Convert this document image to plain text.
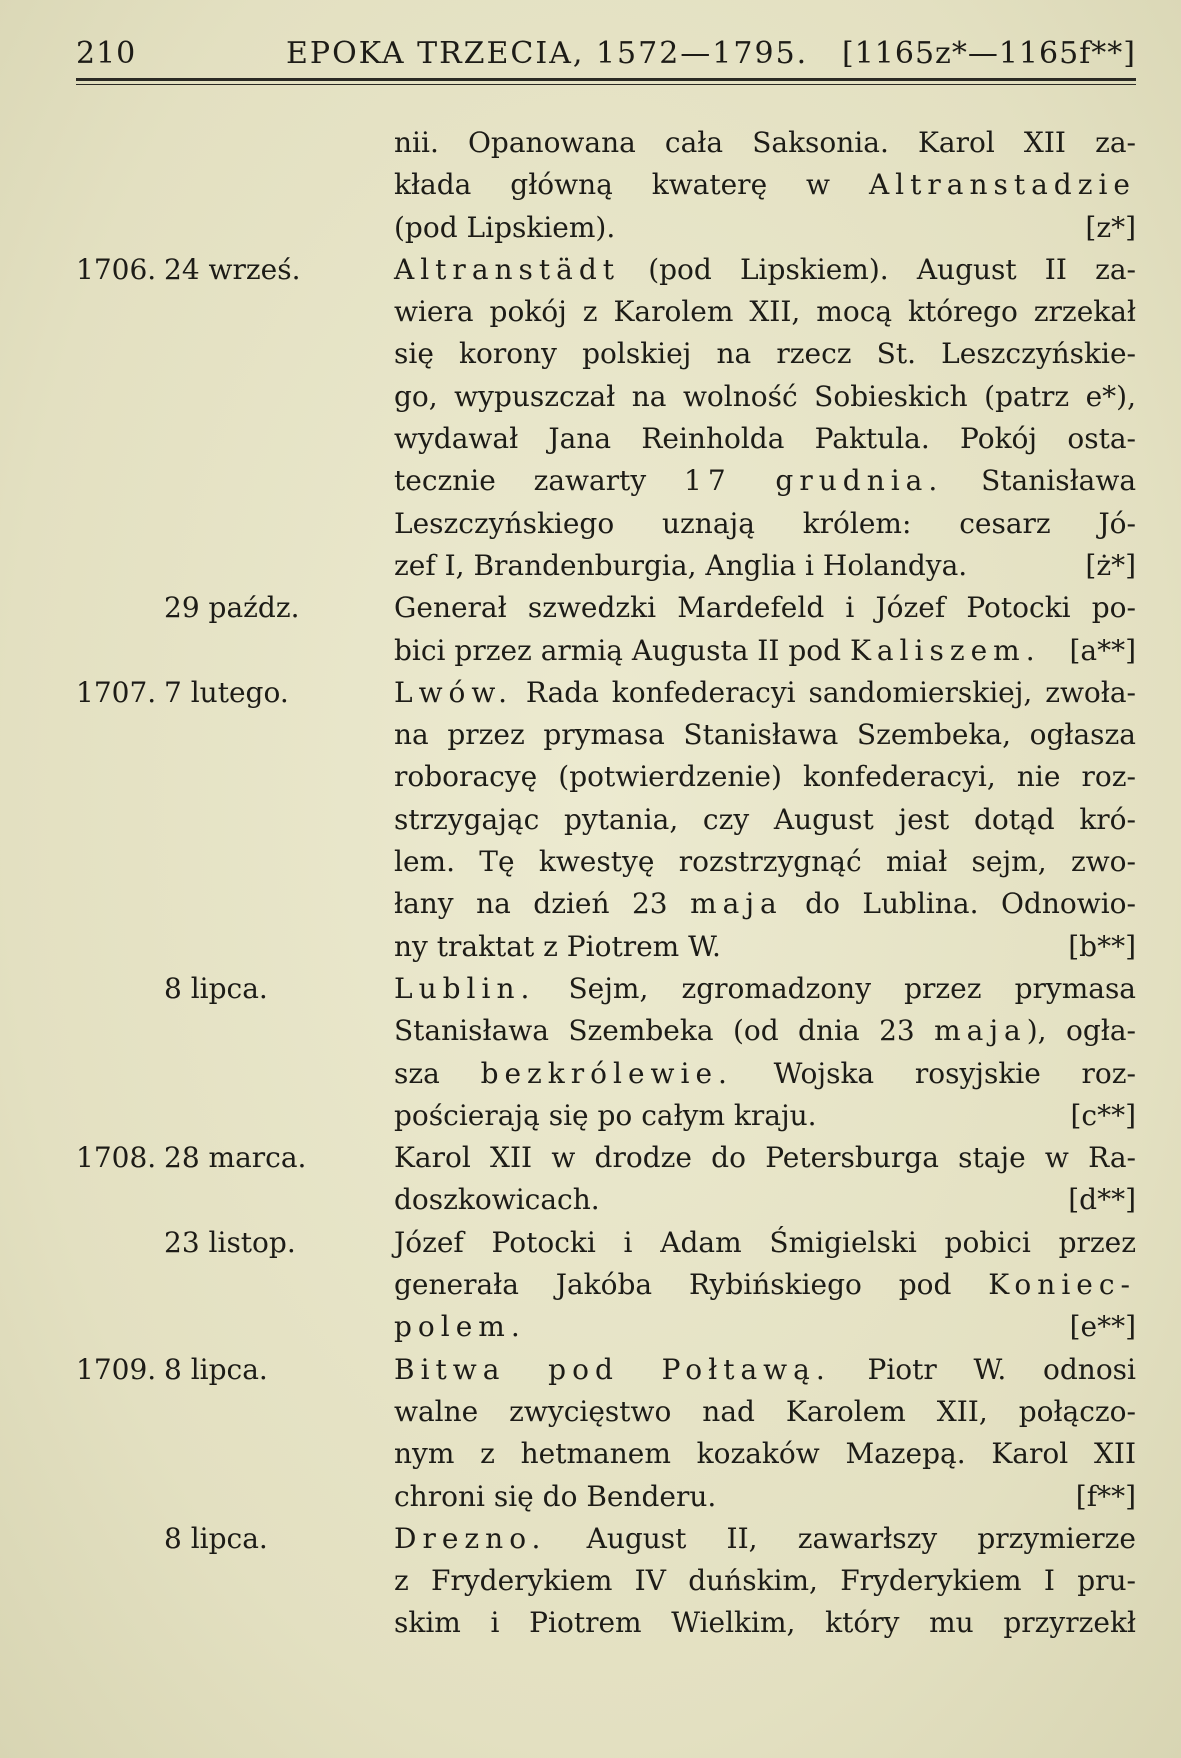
210	EPOKA TRZECIA, 1572—1795. [1165z*—1165f**]
nii. Opanowana cała Saksonia. Karol XII za-
kłada główną kwaterę w Altranstadzie
(pod Lipskiem).	[z*]
1706. 24 wrześ.	Altranstädt (pod Lipskiem). August II za-
wiera pokój z Karolem XII, mocą którego zrzekał
się korony polskiej na rzecz St. Leszczyńskie-
go, wypuszczał na wolność Sobieskich (patrz e*),
wydawał Jana Reinholda Paktula. Pokój osta-
tecznie zawarty 17 grudnia. Stanisława
Leszczyńskiego uznają królem: cesarz Jó-
zef I, Brandenburgia, Anglia i Holandya.	[ż*]
29 paźdz.	Generał szwedzki Mardefeld i Józef Potocki po-
bici przez armią Augusta II pod Kaliszem. [a**]
1707. 7 lutego.	Lwów. Rada konfederacyi sandomierskiej, zwoła-
na przez prymasa Stanisława Szembeka, ogłasza
roboracyę (potwierdzenie) konfederacyi, nie roz-
strzygając pytania, czy August jest dotąd kró-
lem. Tę kwestyę rozstrzygnąć miał sejm, zwo-
łany na dzień 23 maja do Lublina. Odnowio-
ny traktat z Piotrem W.	[b**]
8 lipca.	Lublin. Sejm, zgromadzony przez prymasa
Stanisława Szembeka (od dnia 23 maja), ogła-
sza bezkrólewie. Wojska rosyjskie roz-
pościerają się po całym kraju.	[c**]
1708. 28 marca.	Karol XII w drodze do Petersburga staje w Ra-
doszkowicach.	[d**]
23 listop.	Józef Potocki i Adam Śmigielski pobici przez
generała Jakóba Rybińskiego pod Koniec-
polem.	[e**]
1709. 8 lipca.	Bitwa pod Połtawą. Piotr W. odnosi
walne zwycięstwo nad Karolem XII, połączo-
nym z hetmanem kozaków Mazepą. Karol XII
chroni się do Benderu.	[f**]
8 lipca.	Drezno. August II, zawarłszy przymierze
z Fryderykiem IV duńskim, Fryderykiem I pru-
skim i Piotrem Wielkim, który mu przyrzekł
